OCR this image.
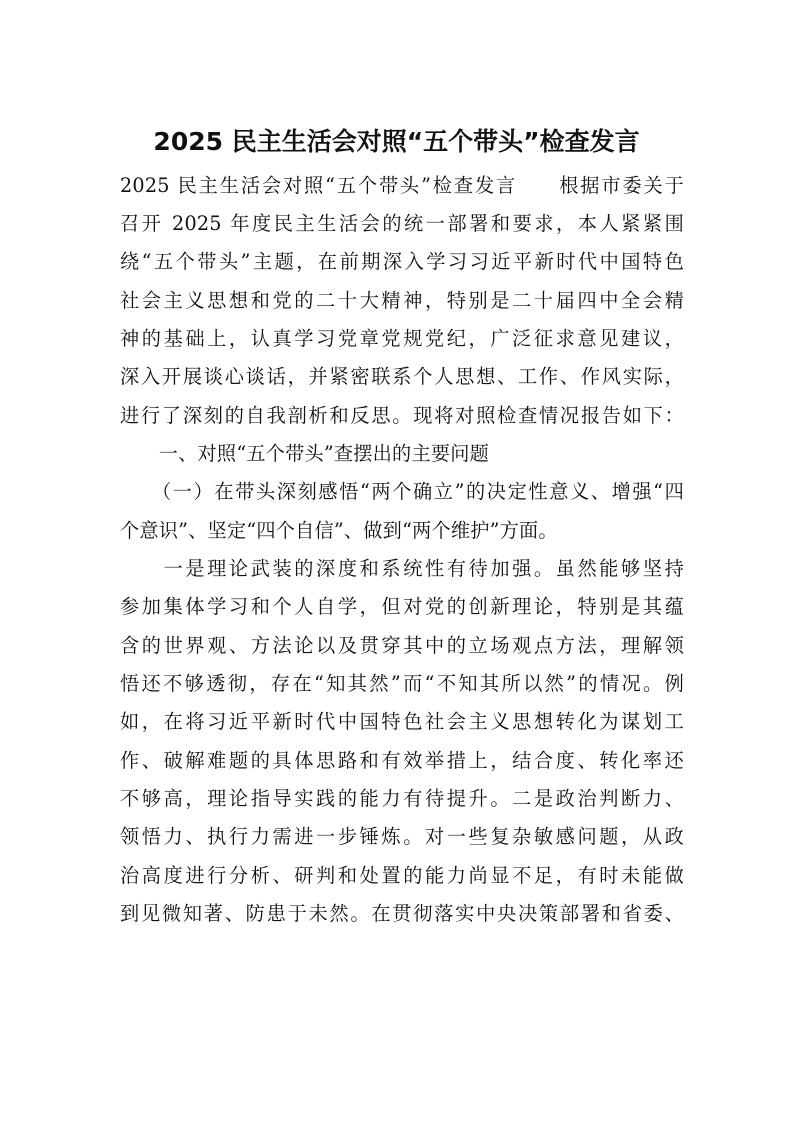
2025 民主生活会对照“五个带头”检查发言
2025 民主生活会对照“五个带头”检查发言　　根据市委关于
召开 2025 年度民主生活会的统一部署和要求，本人紧紧围
绕“五个带头”主题，在前期深入学习习近平新时代中国特色
社会主义思想和党的二十大精神，特别是二十届四中全会精
神的基础上，认真学习党章党规党纪，广泛征求意见建议，
深入开展谈心谈话，并紧密联系个人思想、工作、作风实际，
进行了深刻的自我剖析和反思。现将对照检查情况报告如下：
　　一、对照“五个带头”查摆出的主要问题
　　（一）在带头深刻感悟“两个确立”的决定性意义、增强“四
个意识”、坚定“四个自信”、做到“两个维护”方面。
　　一是理论武装的深度和系统性有待加强。虽然能够坚持
参加集体学习和个人自学，但对党的创新理论，特别是其蕴
含的世界观、方法论以及贯穿其中的立场观点方法，理解领
悟还不够透彻，存在“知其然”而“不知其所以然”的情况。例
如，在将习近平新时代中国特色社会主义思想转化为谋划工
作、破解难题的具体思路和有效举措上，结合度、转化率还
不够高，理论指导实践的能力有待提升。二是政治判断力、
领悟力、执行力需进一步锤炼。对一些复杂敏感问题，从政
治高度进行分析、研判和处置的能力尚显不足，有时未能做
到见微知著、防患于未然。在贯彻落实中央决策部署和省委、
